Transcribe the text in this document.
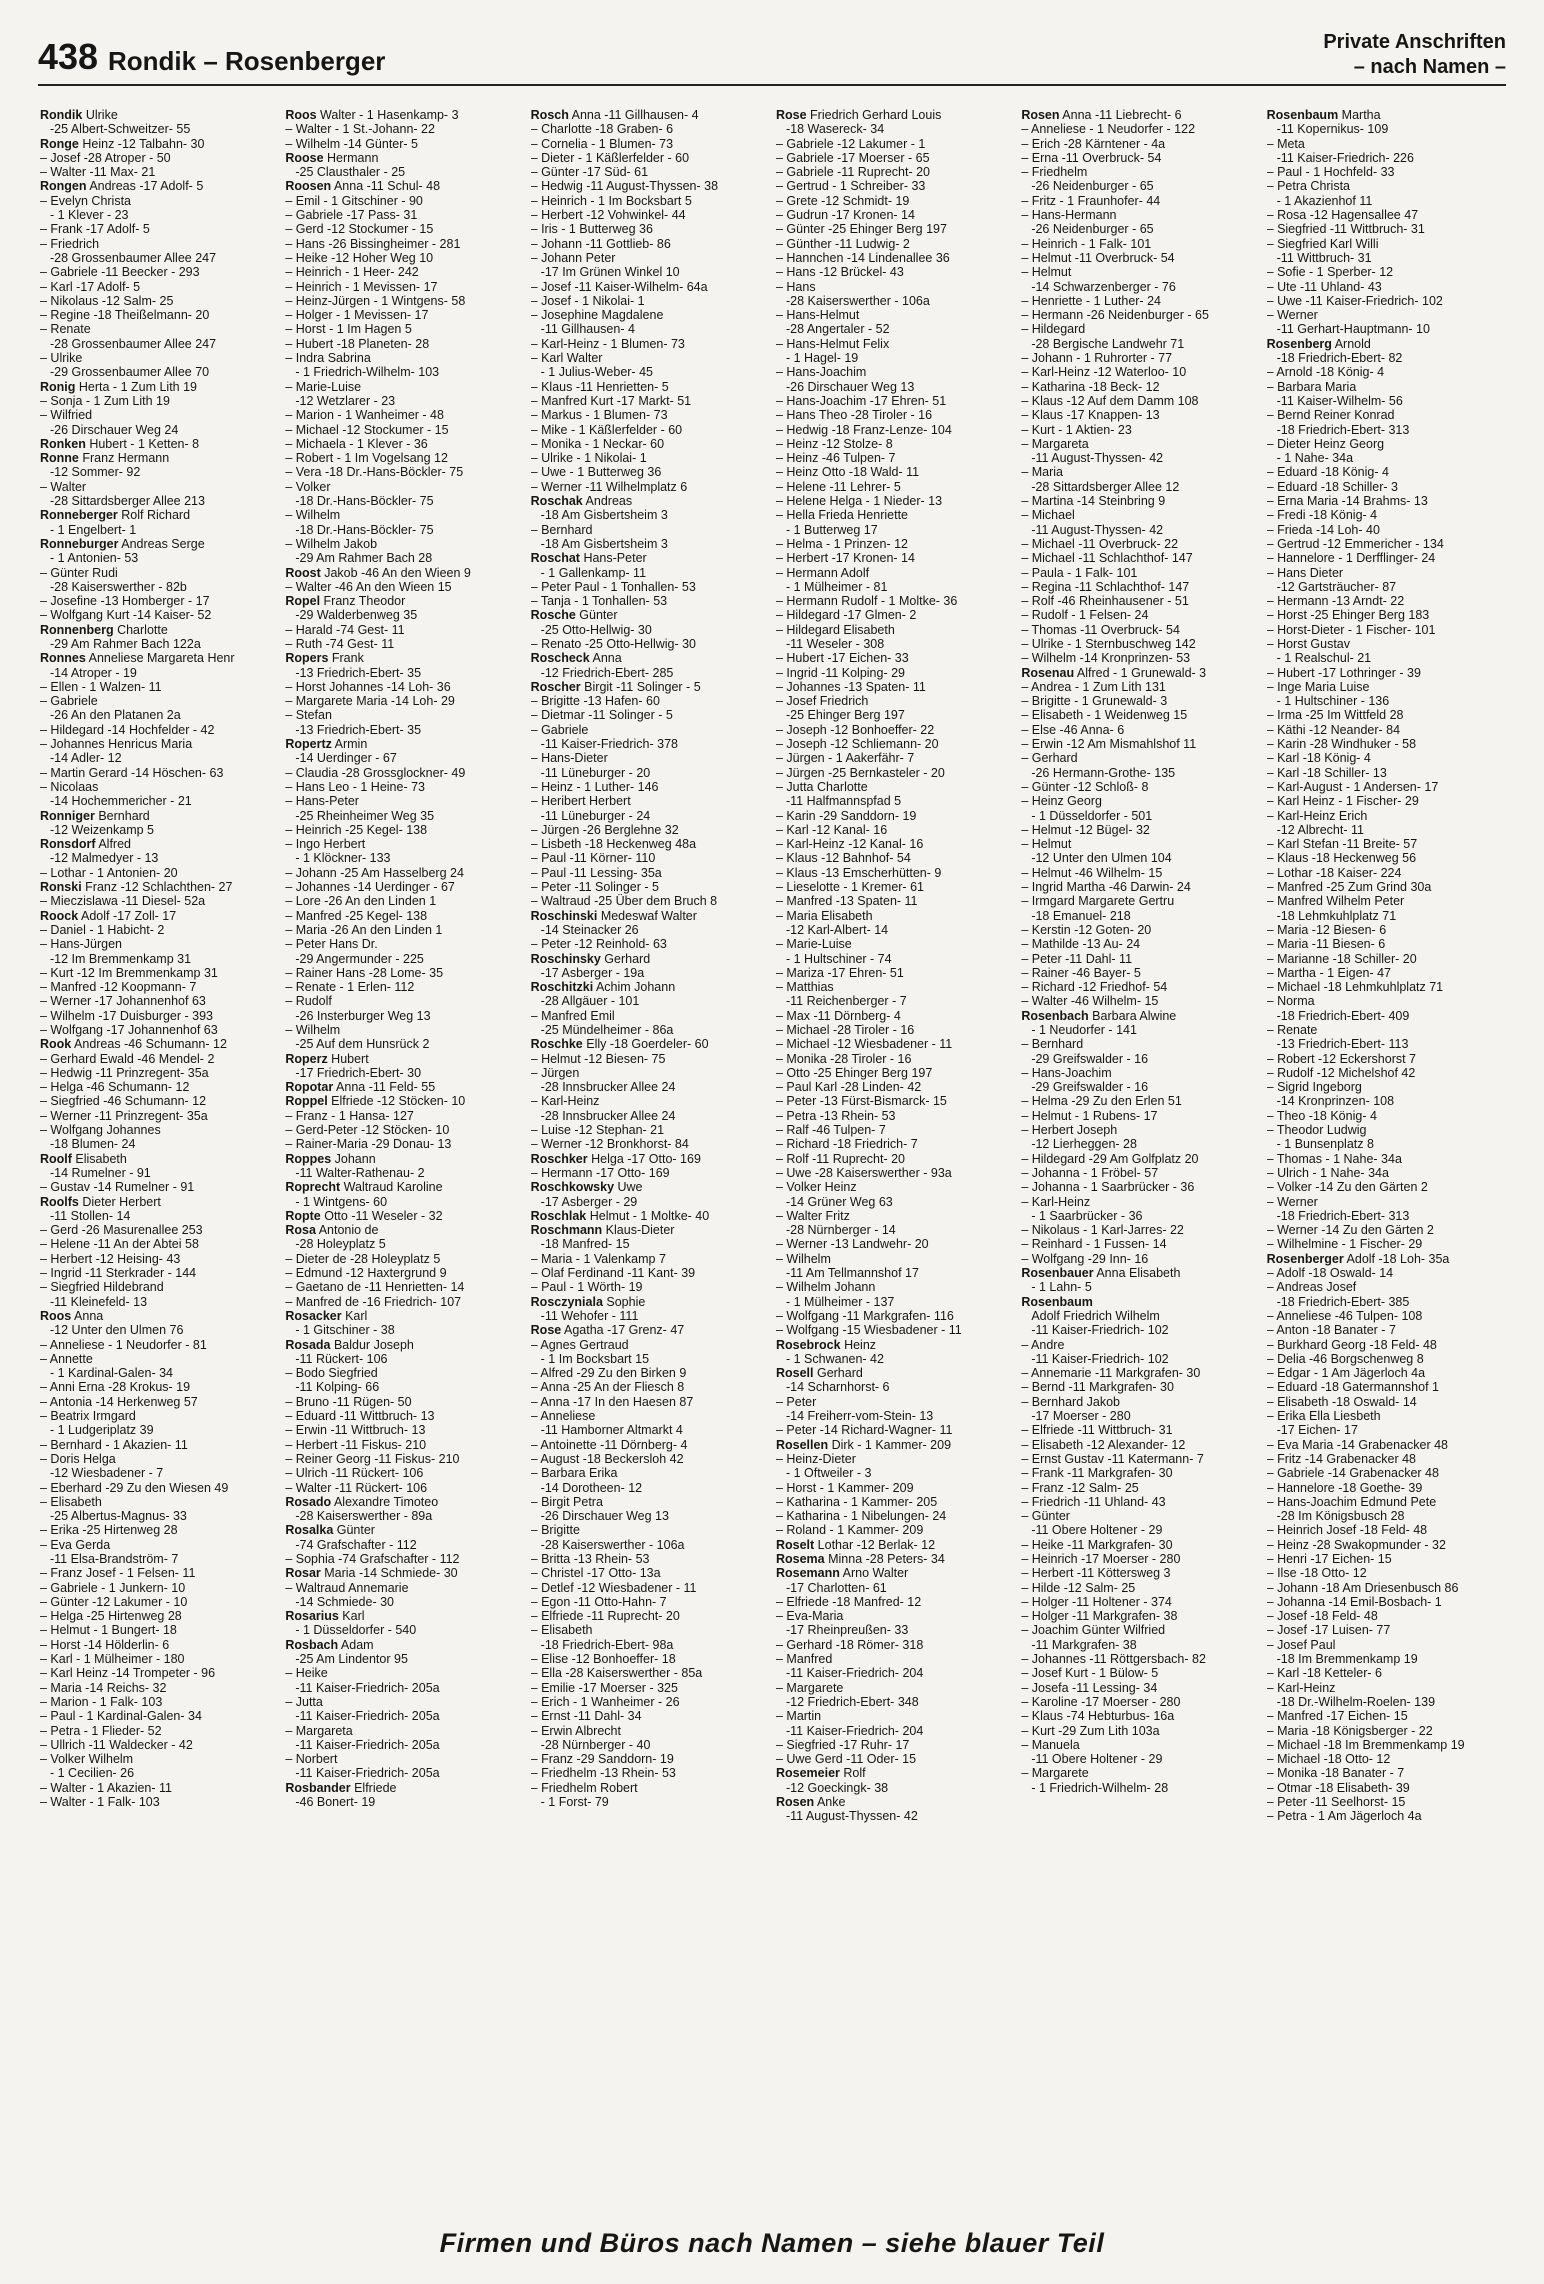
438 Rondik – Rosenberger
Private Anschriften
– nach Namen –
Rondik Ulrike
-25 Albert-Schweitzer- 55
Ronge Heinz -12 Talbahn- 30
– Josef -28 Atroper - 50
– Walter -11 Max- 21
Rongen Andreas -17 Adolf- 5
– Evelyn Christa
- 1 Klever - 23
– Frank -17 Adolf- 5
– Friedrich
-28 Grossenbaumer Allee 247
– Gabriele -11 Beecker - 293
– Karl -17 Adolf- 5
– Nikolaus -12 Salm- 25
– Regine -18 Theißelmann- 20
– Renate
-28 Grossenbaumer Allee 247
– Ulrike
-29 Grossenbaumer Allee 70
Ronig Herta - 1 Zum Lith 19
– Sonja - 1 Zum Lith 19
– Wilfried
-26 Dirschauer Weg 24
Ronken Hubert - 1 Ketten- 8
Ronne Franz Hermann
-12 Sommer- 92
– Walter
-28 Sittardsberger Allee 213
Ronneberger Rolf Richard
- 1 Engelbert- 1
Ronneburger Andreas Serge
- 1 Antonien- 53
– Günter Rudi
-28 Kaiserswerther - 82b
– Josefine -13 Homberger - 17
– Wolfgang Kurt -14 Kaiser- 52
Ronnenberg Charlotte
-29 Am Rahmer Bach 122a
Ronnes Anneliese Margareta Henr
-14 Atroper - 19
– Ellen - 1 Walzen- 11
– Gabriele
-26 An den Platanen 2a
– Hildegard -14 Hochfelder - 42
– Johannes Henricus Maria
-14 Adler- 12
– Martin Gerard -14 Höschen- 63
– Nicolaas
-14 Hochemmericher - 21
Ronniger Bernhard
-12 Weizenkamp 5
Ronsdorf Alfred
-12 Malmedyer - 13
– Lothar - 1 Antonien- 20
Ronski Franz -12 Schlachthen- 27
– Mieczislawa -11 Diesel- 52a
Roock Adolf -17 Zoll- 17
– Daniel - 1 Habicht- 2
– Hans-Jürgen
-12 Im Bremmenkamp 31
– Kurt -12 Im Bremmenkamp 31
– Manfred -12 Koopmann- 7
– Werner -17 Johannenhof 63
– Wilhelm -17 Duisburger - 393
– Wolfgang -17 Johannenhof 63
Rook Andreas -46 Schumann- 12
– Gerhard Ewald -46 Mendel- 2
– Hedwig -11 Prinzregent- 35a
– Helga -46 Schumann- 12
– Siegfried -46 Schumann- 12
– Werner -11 Prinzregent- 35a
– Wolfgang Johannes
-18 Blumen- 24
Roolf Elisabeth
-14 Rumelner - 91
– Gustav -14 Rumelner - 91
Roolfs Dieter Herbert
-11 Stollen- 14
– Gerd -26 Masurenallee 253
– Helene -11 An der Abtei 58
– Herbert -12 Heising- 43
– Ingrid -11 Sterkrader - 144
– Siegfried Hildebrand
-11 Kleinefeld- 13
Roos Anna
-12 Unter den Ulmen 76
– Anneliese - 1 Neudorfer - 81
– Annette
- 1 Kardinal-Galen- 34
– Anni Erna -28 Krokus- 19
– Antonia -14 Herkenweg 57
– Beatrix Irmgard
- 1 Ludgeriplatz 39
– Bernhard - 1 Akazien- 11
– Doris Helga
-12 Wiesbadener - 7
– Eberhard -29 Zu den Wiesen 49
– Elisabeth
-25 Albertus-Magnus- 33
– Erika -25 Hirtenweg 28
– Eva Gerda
-11 Elsa-Brandström- 7
– Franz Josef - 1 Felsen- 11
– Gabriele - 1 Junkern- 10
– Günter -12 Lakumer - 10
– Helga -25 Hirtenweg 28
– Helmut - 1 Bungert- 18
– Horst -14 Hölderlin- 6
– Karl - 1 Mülheimer - 180
– Karl Heinz -14 Trompeter - 96
– Maria -14 Reichs- 32
– Marion - 1 Falk- 103
– Paul - 1 Kardinal-Galen- 34
– Petra - 1 Flieder- 52
– Ullrich -11 Waldecker - 42
– Volker Wilhelm
- 1 Cecilien- 26
– Walter - 1 Akazien- 11
– Walter - 1 Falk- 103
Roos Walter - 1 Hasenkamp- 3
– Walter - 1 St.-Johann- 22
– Wilhelm -14 Günter- 5
Roose Hermann
-25 Clausthaler - 25
Roosen Anna -11 Schul- 48
– Emil - 1 Gitschiner - 90
– Gabriele -17 Pass- 31
– Gerd -12 Stockumer - 15
– Hans -26 Bissingheimer - 281
– Heike -12 Hoher Weg 10
– Heinrich - 1 Heer- 242
– Heinrich - 1 Mevissen- 17
– Heinz-Jürgen - 1 Wintgens- 58
– Holger - 1 Mevissen- 17
– Horst - 1 Im Hagen 5
– Hubert -18 Planeten- 28
– Indra Sabrina
- 1 Friedrich-Wilhelm- 103
– Marie-Luise
-12 Wetzlarer - 23
– Marion - 1 Wanheimer - 48
– Michael -12 Stockumer - 15
– Michaela - 1 Klever - 36
– Robert - 1 Im Vogelsang 12
– Vera -18 Dr.-Hans-Böckler- 75
– Volker
-18 Dr.-Hans-Böckler- 75
– Wilhelm
-18 Dr.-Hans-Böckler- 75
– Wilhelm Jakob
-29 Am Rahmer Bach 28
Roost Jakob -46 An den Wieen 9
– Walter -46 An den Wieen 15
Ropel Franz Theodor
-29 Walderbenweg 35
– Harald -74 Gest- 11
– Ruth -74 Gest- 11
Ropers Frank
-13 Friedrich-Ebert- 35
– Horst Johannes -14 Loh- 36
– Margarete Maria -14 Loh- 29
– Stefan
-13 Friedrich-Ebert- 35
Ropertz Armin
-14 Uerdinger - 67
– Claudia -28 Grossglockner- 49
– Hans Leo - 1 Heine- 73
– Hans-Peter
-25 Rheinheimer Weg 35
– Heinrich -25 Kegel- 138
– Ingo Herbert
- 1 Klöckner- 133
– Johann -25 Am Hasselberg 24
– Johannes -14 Uerdinger - 67
– Lore -26 An den Linden 1
– Manfred -25 Kegel- 138
– Maria -26 An den Linden 1
– Peter Hans Dr.
-29 Angermunder - 225
– Rainer Hans -28 Lome- 35
– Renate - 1 Erlen- 112
– Rudolf
-26 Insterburger Weg 13
– Wilhelm
-25 Auf dem Hunsrück 2
Roperz Hubert
-17 Friedrich-Ebert- 30
Ropotar Anna -11 Feld- 55
Roppel Elfriede -12 Stöcken- 10
– Franz - 1 Hansa- 127
– Gerd-Peter -12 Stöcken- 10
– Rainer-Maria -29 Donau- 13
Roppes Johann
-11 Walter-Rathenau- 2
Roprecht Waltraud Karoline
- 1 Wintgens- 60
Ropte Otto -11 Weseler - 32
Rosa Antonio de
-28 Holeyplatz 5
– Dieter de -28 Holeyplatz 5
– Edmund -12 Haxtergrund 9
– Gaetano de -11 Henrietten- 14
– Manfred de -16 Friedrich- 107
Rosacker Karl
- 1 Gitschiner - 38
Rosada Baldur Joseph
-11 Rückert- 106
– Bodo Siegfried
-11 Kolping- 66
– Bruno -11 Rügen- 50
– Eduard -11 Wittbruch- 13
– Erwin -11 Wittbruch- 13
– Herbert -11 Fiskus- 210
– Reiner Georg -11 Fiskus- 210
– Ulrich -11 Rückert- 106
– Walter -11 Rückert- 106
Rosado Alexandre Timoteo
-28 Kaiserswerther - 89a
Rosalka Günter
-74 Grafschafter - 112
– Sophia -74 Grafschafter - 112
Rosar Maria -14 Schmiede- 30
– Waltraud Annemarie
-14 Schmiede- 30
Rosarius Karl
- 1 Düsseldorfer - 540
Rosbach Adam
-25 Am Lindentor 95
– Heike
-11 Kaiser-Friedrich- 205a
– Jutta
-11 Kaiser-Friedrich- 205a
– Margareta
-11 Kaiser-Friedrich- 205a
– Norbert
-11 Kaiser-Friedrich- 205a
Rosbander Elfriede
-46 Bonert- 19
Rosch Anna -11 Gillhausen- 4
– Charlotte -18 Graben- 6
– Cornelia - 1 Blumen- 73
– Dieter - 1 Käßlerfelder - 60
– Günter -17 Süd- 61
– Hedwig -11 August-Thyssen- 38
– Heinrich - 1 Im Bocksbart 5
– Herbert -12 Vohwinkel- 44
– Iris - 1 Butterweg 36
– Johann -11 Gottlieb- 86
– Johann Peter
-17 Im Grünen Winkel 10
– Josef -11 Kaiser-Wilhelm- 64a
– Josef - 1 Nikolai- 1
– Josephine Magdalene
-11 Gillhausen- 4
– Karl-Heinz - 1 Blumen- 73
– Karl Walter
- 1 Julius-Weber- 45
– Klaus -11 Henrietten- 5
– Manfred Kurt -17 Markt- 51
– Markus - 1 Blumen- 73
– Mike - 1 Käßlerfelder - 60
– Monika - 1 Neckar- 60
– Ulrike - 1 Nikolai- 1
– Uwe - 1 Butterweg 36
– Werner -11 Wilhelmplatz 6
Roschak Andreas
-18 Am Gisbertsheim 3
– Bernhard
-18 Am Gisbertsheim 3
Roschat Hans-Peter
- 1 Gallenkamp- 11
– Peter Paul - 1 Tonhallen- 53
– Tanja - 1 Tonhallen- 53
Rosche Günter
-25 Otto-Hellwig- 30
– Renato -25 Otto-Hellwig- 30
Roscheck Anna
-12 Friedrich-Ebert- 285
Roscher Birgit -11 Solinger - 5
– Brigitte -13 Hafen- 60
– Dietmar -11 Solinger - 5
– Gabriele
-11 Kaiser-Friedrich- 378
– Hans-Dieter
-11 Lüneburger - 20
– Heinz - 1 Luther- 146
– Heribert Herbert
-11 Lüneburger - 24
– Jürgen -26 Berglehne 32
– Lisbeth -18 Heckenweg 48a
– Paul -11 Körner- 110
– Paul -11 Lessing- 35a
– Peter -11 Solinger - 5
– Waltraud -25 Über dem Bruch 8
Roschinski Medeswaf Walter
-14 Steinacker 26
– Peter -12 Reinhold- 63
Roschinsky Gerhard
-17 Asberger - 19a
Roschitzki Achim Johann
-28 Allgäuer - 101
– Manfred Emil
-25 Mündelheimer - 86a
Roschke Elly -18 Goerdeler- 60
– Helmut -12 Biesen- 75
– Jürgen
-28 Innsbrucker Allee 24
– Karl-Heinz
-28 Innsbrucker Allee 24
– Luise -12 Stephan- 21
– Werner -12 Bronkhorst- 84
Roschker Helga -17 Otto- 169
– Hermann -17 Otto- 169
Roschkowsky Uwe
-17 Asberger - 29
Roschlak Helmut - 1 Moltke- 40
Roschmann Klaus-Dieter
-18 Manfred- 15
– Maria - 1 Valenkamp 7
– Olaf Ferdinand -11 Kant- 39
– Paul - 1 Wörth- 19
Rosczyniala Sophie
-11 Wehofer - 111
Rose Agatha -17 Grenz- 47
– Agnes Gertraud
- 1 Im Bocksbart 15
– Alfred -29 Zu den Birken 9
– Anna -25 An der Fliesch 8
– Anna -17 In den Haesen 87
– Anneliese
-11 Hamborner Altmarkt 4
– Antoinette -11 Dörnberg- 4
– August -18 Beckersloh 42
– Barbara Erika
-14 Dorotheen- 12
– Birgit Petra
-26 Dirschauer Weg 13
– Brigitte
-28 Kaiserswerther - 106a
– Britta -13 Rhein- 53
– Christel -17 Otto- 13a
– Detlef -12 Wiesbadener - 11
– Egon -11 Otto-Hahn- 7
– Elfriede -11 Ruprecht- 20
– Elisabeth
-18 Friedrich-Ebert- 98a
– Elise -12 Bonhoeffer- 18
– Ella -28 Kaiserswerther - 85a
– Emilie -17 Moerser - 325
– Erich - 1 Wanheimer - 26
– Ernst -11 Dahl- 34
– Erwin Albrecht
-28 Nürnberger - 40
– Franz -29 Sanddorn- 19
– Friedhelm -13 Rhein- 53
– Friedhelm Robert
- 1 Forst- 79
Rose Friedrich Gerhard Louis
-18 Wasereck- 34
– Gabriele -12 Lakumer - 1
– Gabriele -17 Moerser - 65
– Gabriele -11 Ruprecht- 20
– Gertrud - 1 Schreiber- 33
– Grete -12 Schmidt- 19
– Gudrun -17 Kronen- 14
– Günter -25 Ehinger Berg 197
– Günther -11 Ludwig- 2
– Hannchen -14 Lindenallee 36
– Hans -12 Brückel- 43
– Hans
-28 Kaiserswerther - 106a
– Hans-Helmut
-28 Angertaler - 52
– Hans-Helmut Felix
- 1 Hagel- 19
– Hans-Joachim
-26 Dirschauer Weg 13
– Hans-Joachim -17 Ehren- 51
– Hans Theo -28 Tiroler - 16
– Hedwig -18 Franz-Lenze- 104
– Heinz -12 Stolze- 8
– Heinz -46 Tulpen- 7
– Heinz Otto -18 Wald- 11
– Helene -11 Lehrer- 5
– Helene Helga - 1 Nieder- 13
– Hella Frieda Henriette
- 1 Butterweg 17
– Helma - 1 Prinzen- 12
– Herbert -17 Kronen- 14
– Hermann Adolf
- 1 Mülheimer - 81
– Hermann Rudolf - 1 Moltke- 36
– Hildegard -17 Glmen- 2
– Hildegard Elisabeth
-11 Weseler - 308
– Hubert -17 Eichen- 33
– Ingrid -11 Kolping- 29
– Johannes -13 Spaten- 11
– Josef Friedrich
-25 Ehinger Berg 197
– Joseph -12 Bonhoeffer- 22
– Joseph -12 Schliemann- 20
– Jürgen - 1 Aakerfähr- 7
– Jürgen -25 Bernkasteler - 20
– Jutta Charlotte
-11 Halfmannspfad 5
– Karin -29 Sanddorn- 19
– Karl -12 Kanal- 16
– Karl-Heinz -12 Kanal- 16
– Klaus -12 Bahnhof- 54
– Klaus -13 Emscherhütten- 9
– Lieselotte - 1 Kremer- 61
– Manfred -13 Spaten- 11
– Maria Elisabeth
-12 Karl-Albert- 14
– Marie-Luise
- 1 Hultschiner - 74
– Mariza -17 Ehren- 51
– Matthias
-11 Reichenberger - 7
– Max -11 Dörnberg- 4
– Michael -28 Tiroler - 16
– Michael -12 Wiesbadener - 11
– Monika -28 Tiroler - 16
– Otto -25 Ehinger Berg 197
– Paul Karl -28 Linden- 42
– Peter -13 Fürst-Bismarck- 15
– Petra -13 Rhein- 53
– Ralf -46 Tulpen- 7
– Richard -18 Friedrich- 7
– Rolf -11 Ruprecht- 20
– Uwe -28 Kaiserswerther - 93a
– Volker Heinz
-14 Grüner Weg 63
– Walter Fritz
-28 Nürnberger - 14
– Werner -13 Landwehr- 20
– Wilhelm
-11 Am Tellmannshof 17
– Wilhelm Johann
- 1 Mülheimer - 137
– Wolfgang -11 Markgrafen- 116
– Wolfgang -15 Wiesbadener - 11
Rosebrock Heinz
- 1 Schwanen- 42
Rosell Gerhard
-14 Scharnhorst- 6
– Peter
-14 Freiherr-vom-Stein- 13
– Peter -14 Richard-Wagner- 11
Rosellen Dirk - 1 Kammer- 209
– Heinz-Dieter
- 1 Oftweiler - 3
– Horst - 1 Kammer- 209
– Katharina - 1 Kammer- 205
– Katharina - 1 Nibelungen- 24
– Roland - 1 Kammer- 209
Roselt Lothar -12 Berlak- 12
Rosema Minna -28 Peters- 34
Rosemann Arno Walter
-17 Charlotten- 61
– Elfriede -18 Manfred- 12
– Eva-Maria
-17 Rheinpreußen- 33
– Gerhard -18 Römer- 318
– Manfred
-11 Kaiser-Friedrich- 204
– Margarete
-12 Friedrich-Ebert- 348
– Martin
-11 Kaiser-Friedrich- 204
– Siegfried -17 Ruhr- 17
– Uwe Gerd -11 Oder- 15
Rosemeier Rolf
-12 Goeckingk- 38
Rosen Anke
-11 August-Thyssen- 42
Rosen Anna -11 Liebrecht- 6
– Anneliese - 1 Neudorfer - 122
– Erich -28 Kärntener - 4a
– Erna -11 Overbruck- 54
– Friedhelm
-26 Neidenburger - 65
– Fritz - 1 Fraunhofer- 44
– Hans-Hermann
-26 Neidenburger - 65
– Heinrich - 1 Falk- 101
– Helmut -11 Overbruck- 54
– Helmut
-14 Schwarzenberger - 76
– Henriette - 1 Luther- 24
– Hermann -26 Neidenburger - 65
– Hildegard
-28 Bergische Landwehr 71
– Johann - 1 Ruhrorter - 77
– Karl-Heinz -12 Waterloo- 10
– Katharina -18 Beck- 12
– Klaus -12 Auf dem Damm 108
– Klaus -17 Knappen- 13
– Kurt - 1 Aktien- 23
– Margareta
-11 August-Thyssen- 42
– Maria
-28 Sittardsberger Allee 12
– Martina -14 Steinbring 9
– Michael
-11 August-Thyssen- 42
– Michael -11 Overbruck- 22
– Michael -11 Schlachthof- 147
– Paula - 1 Falk- 101
– Regina -11 Schlachthof- 147
– Rolf -46 Rheinhausener - 51
– Rudolf - 1 Felsen- 24
– Thomas -11 Overbruck- 54
– Ulrike - 1 Sternbuschweg 142
– Wilhelm -14 Kronprinzen- 53
Rosenau Alfred - 1 Grunewald- 3
– Andrea - 1 Zum Lith 131
– Brigitte - 1 Grunewald- 3
– Elisabeth - 1 Weidenweg 15
– Else -46 Anna- 6
– Erwin -12 Am Mismahlshof 11
– Gerhard
-26 Hermann-Grothe- 135
– Günter -12 Schloß- 8
– Heinz Georg
- 1 Düsseldorfer - 501
– Helmut -12 Bügel- 32
– Helmut
-12 Unter den Ulmen 104
– Helmut -46 Wilhelm- 15
– Ingrid Martha -46 Darwin- 24
– Irmgard Margarete Gertru
-18 Emanuel- 218
– Kerstin -12 Goten- 20
– Mathilde -13 Au- 24
– Peter -11 Dahl- 11
– Rainer -46 Bayer- 5
– Richard -12 Friedhof- 54
– Walter -46 Wilhelm- 15
Rosenbach Barbara Alwine
- 1 Neudorfer - 141
– Bernhard
-29 Greifswalder - 16
– Hans-Joachim
-29 Greifswalder - 16
– Helma -29 Zu den Erlen 51
– Helmut - 1 Rubens- 17
– Herbert Joseph
-12 Lierheggen- 28
– Hildegard -29 Am Golfplatz 20
– Johanna - 1 Fröbel- 57
– Johanna - 1 Saarbrücker - 36
– Karl-Heinz
- 1 Saarbrücker - 36
– Nikolaus - 1 Karl-Jarres- 22
– Reinhard - 1 Fussen- 14
– Wolfgang -29 Inn- 16
Rosenbauer Anna Elisabeth
- 1 Lahn- 5
Rosenbaum
Adolf Friedrich Wilhelm
-11 Kaiser-Friedrich- 102
– Andre
-11 Kaiser-Friedrich- 102
– Annemarie -11 Markgrafen- 30
– Bernd -11 Markgrafen- 30
– Bernhard Jakob
-17 Moerser - 280
– Elfriede -11 Wittbruch- 31
– Elisabeth -12 Alexander- 12
– Ernst Gustav -11 Katermann- 7
– Frank -11 Markgrafen- 30
– Franz -12 Salm- 25
– Friedrich -11 Uhland- 43
– Günter
-11 Obere Holtener - 29
– Heike -11 Markgrafen- 30
– Heinrich -17 Moerser - 280
– Herbert -11 Köttersweg 3
– Hilde -12 Salm- 25
– Holger -11 Holtener - 374
– Holger -11 Markgrafen- 38
– Joachim Günter Wilfried
-11 Markgrafen- 38
– Johannes -11 Röttgersbach- 82
– Josef Kurt - 1 Bülow- 5
– Josefa -11 Lessing- 34
– Karoline -17 Moerser - 280
– Klaus -74 Hebturbus- 16a
– Kurt -29 Zum Lith 103a
– Manuela
-11 Obere Holtener - 29
– Margarete
- 1 Friedrich-Wilhelm- 28
Rosenbaum Martha
-11 Kopernikus- 109
– Meta
-11 Kaiser-Friedrich- 226
– Paul - 1 Hochfeld- 33
– Petra Christa
- 1 Akazienhof 11
– Rosa -12 Hagensallee 47
– Siegfried -11 Wittbruch- 31
– Siegfried Karl Willi
-11 Wittbruch- 31
– Sofie - 1 Sperber- 12
– Ute -11 Uhland- 43
– Uwe -11 Kaiser-Friedrich- 102
– Werner
-11 Gerhart-Hauptmann- 10
Rosenberg Arnold
-18 Friedrich-Ebert- 82
– Arnold -18 König- 4
– Barbara Maria
-11 Kaiser-Wilhelm- 56
– Bernd Reiner Konrad
-18 Friedrich-Ebert- 313
– Dieter Heinz Georg
- 1 Nahe- 34a
– Eduard -18 König- 4
– Eduard -18 Schiller- 3
– Erna Maria -14 Brahms- 13
– Fredi -18 König- 4
– Frieda -14 Loh- 40
– Gertrud -12 Emmericher - 134
– Hannelore - 1 Derfflinger- 24
– Hans Dieter
-12 Gartsträucher- 87
– Hermann -13 Arndt- 22
– Horst -25 Ehinger Berg 183
– Horst-Dieter - 1 Fischer- 101
– Horst Gustav
- 1 Realschul- 21
– Hubert -17 Lothringer - 39
– Inge Maria Luise
- 1 Hultschiner - 136
– Irma -25 Im Wittfeld 28
– Käthi -12 Neander- 84
– Karin -28 Windhuker - 58
– Karl -18 König- 4
– Karl -18 Schiller- 13
– Karl-August - 1 Andersen- 17
– Karl Heinz - 1 Fischer- 29
– Karl-Heinz Erich
-12 Albrecht- 11
– Karl Stefan -11 Breite- 57
– Klaus -18 Heckenweg 56
– Lothar -18 Kaiser- 224
– Manfred -25 Zum Grind 30a
– Manfred Wilhelm Peter
-18 Lehmkuhlplatz 71
– Maria -12 Biesen- 6
– Maria -11 Biesen- 6
– Marianne -18 Schiller- 20
– Martha - 1 Eigen- 47
– Michael -18 Lehmkuhlplatz 71
– Norma
-18 Friedrich-Ebert- 409
– Renate
-13 Friedrich-Ebert- 113
– Robert -12 Eckershorst 7
– Rudolf -12 Michelshof 42
– Sigrid Ingeborg
-14 Kronprinzen- 108
– Theo -18 König- 4
– Theodor Ludwig
- 1 Bunsenplatz 8
– Thomas - 1 Nahe- 34a
– Ulrich - 1 Nahe- 34a
– Volker -14 Zu den Gärten 2
– Werner
-18 Friedrich-Ebert- 313
– Werner -14 Zu den Gärten 2
– Wilhelmine - 1 Fischer- 29
Rosenberger Adolf -18 Loh- 35a
– Adolf -18 Oswald- 14
– Andreas Josef
-18 Friedrich-Ebert- 385
– Anneliese -46 Tulpen- 108
– Anton -18 Banater - 7
– Burkhard Georg -18 Feld- 48
– Delia -46 Borgschenweg 8
– Edgar - 1 Am Jägerloch 4a
– Eduard -18 Gatermannshof 1
– Elisabeth -18 Oswald- 14
– Erika Ella Liesbeth
-17 Eichen- 17
– Eva Maria -14 Grabenacker 48
– Fritz -14 Grabenacker 48
– Gabriele -14 Grabenacker 48
– Hannelore -18 Goethe- 39
– Hans-Joachim Edmund Pete
-28 Im Königsbusch 28
– Heinrich Josef -18 Feld- 48
– Heinz -28 Swakopmunder - 32
– Henri -17 Eichen- 15
– Ilse -18 Otto- 12
– Johann -18 Am Driesenbusch 86
– Johanna -14 Emil-Bosbach- 1
– Josef -18 Feld- 48
– Josef -17 Luisen- 77
– Josef Paul
-18 Im Bremmenkamp 19
– Karl -18 Ketteler- 6
– Karl-Heinz
-18 Dr.-Wilhelm-Roelen- 139
– Manfred -17 Eichen- 15
– Maria -18 Königsberger - 22
– Michael -18 Im Bremmenkamp 19
– Michael -18 Otto- 12
– Monika -18 Banater - 7
– Otmar -18 Elisabeth- 39
– Peter -11 Seelhorst- 15
– Petra - 1 Am Jägerloch 4a
Firmen und Büros nach Namen – siehe blauer Teil
